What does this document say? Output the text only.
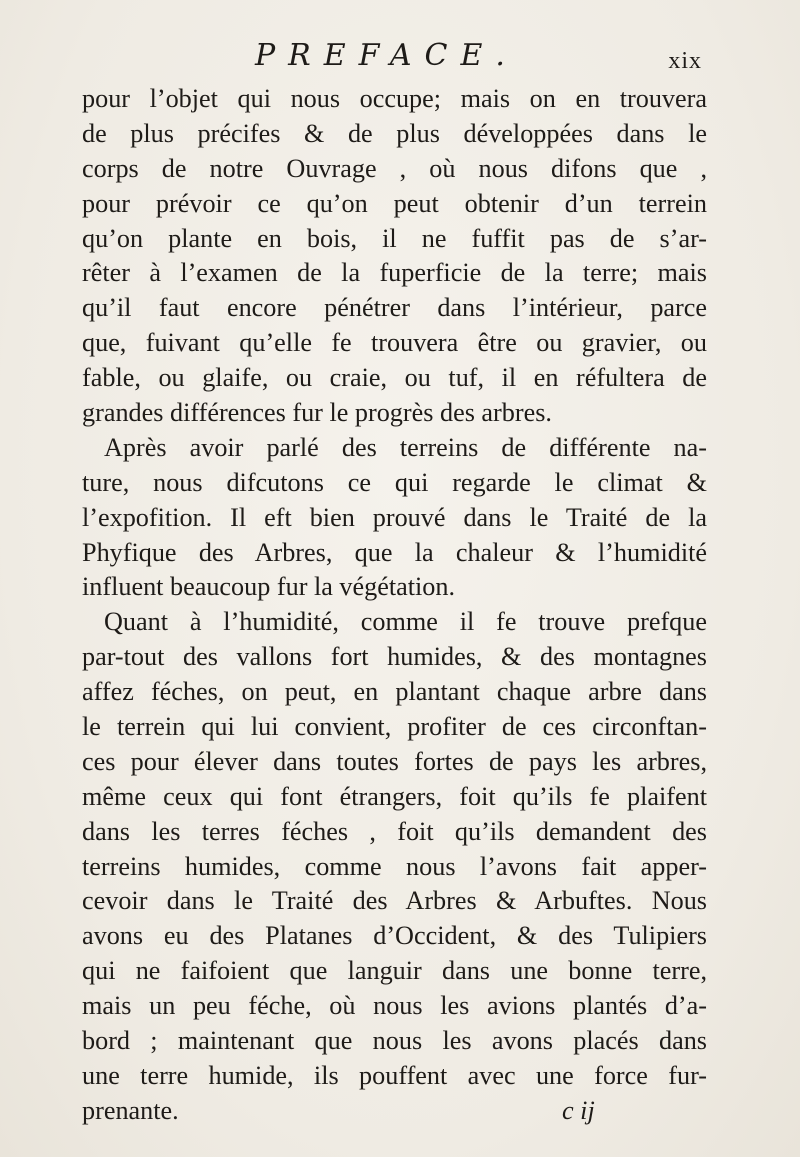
PREFACE.	xix
pour l’objet qui nous occupe; mais on en trouvera
de plus précifes & de plus développées dans le
corps de notre Ouvrage , où nous difons que ,
pour prévoir ce qu’on peut obtenir d’un terrein
qu’on plante en bois, il ne fuffit pas de s’ar-
rêter à l’examen de la fuperficie de la terre; mais
qu’il faut encore pénétrer dans l’intérieur, parce
que, fuivant qu’elle fe trouvera être ou gravier, ou
fable, ou glaife, ou craie, ou tuf, il en réfultera de
grandes différences fur le progrès des arbres.
Après avoir parlé des terreins de différente na-
ture, nous difcutons ce qui regarde le climat &
l’expofition. Il eft bien prouvé dans le Traité de la
Phyfique des Arbres, que la chaleur & l’humidité
influent beaucoup fur la végétation.
Quant à l’humidité, comme il fe trouve prefque
par-tout des vallons fort humides, & des montagnes
affez féches, on peut, en plantant chaque arbre dans
le terrein qui lui convient, profiter de ces circonftan-
ces pour élever dans toutes fortes de pays les arbres,
même ceux qui font étrangers, foit qu’ils fe plaifent
dans les terres féches , foit qu’ils demandent des
terreins humides, comme nous l’avons fait apper-
cevoir dans le Traité des Arbres & Arbuftes. Nous
avons eu des Platanes d’Occident, & des Tulipiers
qui ne faifoient que languir dans une bonne terre,
mais un peu féche, où nous les avions plantés d’a-
bord ; maintenant que nous les avons placés dans
une terre humide, ils pouffent avec une force fur-
prenante.	c ij
